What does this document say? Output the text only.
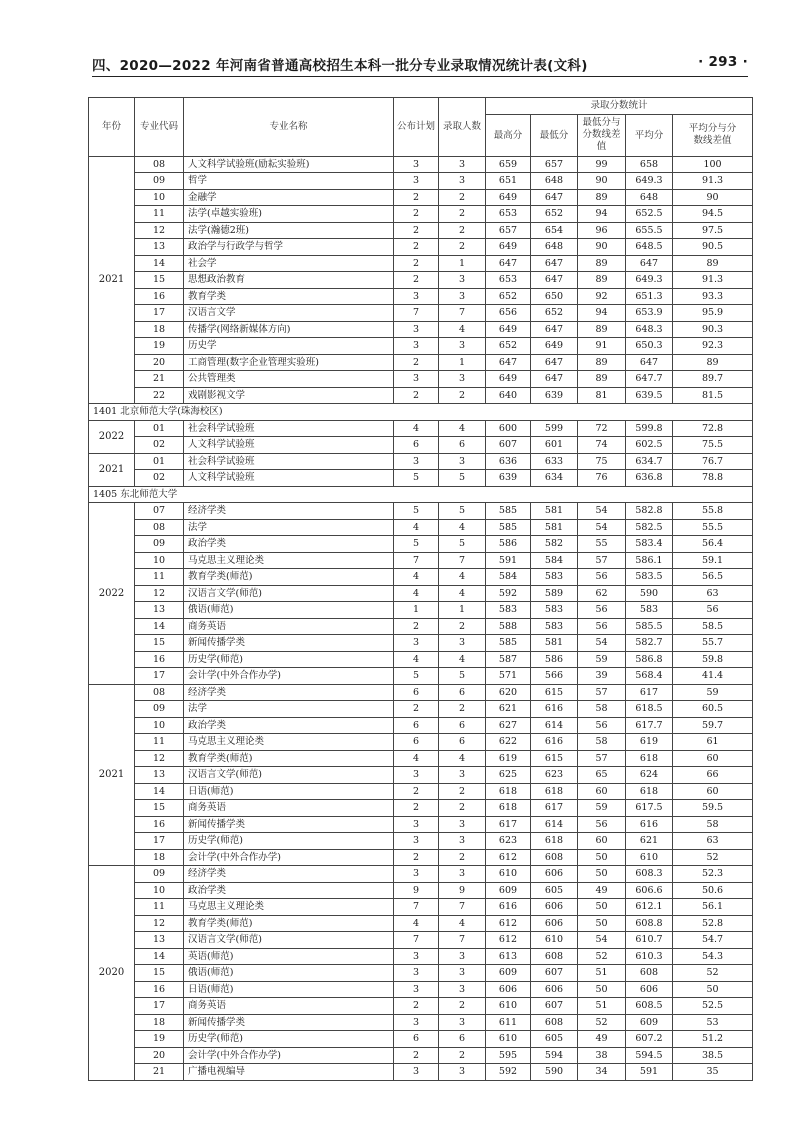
四、2020—2022 年河南省普通高校招生本科一批分专业录取情况统计表(文科)	· 293 ·
年份	专业代码	专业名称	公布计划	录取人数	录取分数统计				
					最高分	最低分	最低分与分数线差值	平均分	平均分与分数线差值
2021	08	人文科学试验班(励耘实验班)	3	3	659	657	99	658	100
	09	哲学	3	3	651	648	90	649.3	91.3
	10	金融学	2	2	649	647	89	648	90
	11	法学(卓越实验班)	2	2	653	652	94	652.5	94.5
	12	法学(瀚德2班)	2	2	657	654	96	655.5	97.5
	13	政治学与行政学与哲学	2	2	649	648	90	648.5	90.5
	14	社会学	2	1	647	647	89	647	89
	15	思想政治教育	2	3	653	647	89	649.3	91.3
	16	教育学类	3	3	652	650	92	651.3	93.3
	17	汉语言文学	7	7	656	652	94	653.9	95.9
	18	传播学(网络新媒体方向)	3	4	649	647	89	648.3	90.3
	19	历史学	3	3	652	649	91	650.3	92.3
	20	工商管理(数字企业管理实验班)	2	1	647	647	89	647	89
	21	公共管理类	3	3	649	647	89	647.7	89.7
	22	戏剧影视文学	2	2	640	639	81	639.5	81.5
1401 北京师范大学(珠海校区)									
2022	01	社会科学试验班	4	4	600	599	72	599.8	72.8
	02	人文科学试验班	6	6	607	601	74	602.5	75.5
2021	01	社会科学试验班	3	3	636	633	75	634.7	76.7
	02	人文科学试验班	5	5	639	634	76	636.8	78.8
1405 东北师范大学									
2022	07	经济学类	5	5	585	581	54	582.8	55.8
	08	法学	4	4	585	581	54	582.5	55.5
	09	政治学类	5	5	586	582	55	583.4	56.4
	10	马克思主义理论类	7	7	591	584	57	586.1	59.1
	11	教育学类(师范)	4	4	584	583	56	583.5	56.5
	12	汉语言文学(师范)	4	4	592	589	62	590	63
	13	俄语(师范)	1	1	583	583	56	583	56
	14	商务英语	2	2	588	583	56	585.5	58.5
	15	新闻传播学类	3	3	585	581	54	582.7	55.7
	16	历史学(师范)	4	4	587	586	59	586.8	59.8
	17	会计学(中外合作办学)	5	5	571	566	39	568.4	41.4
2021	08	经济学类	6	6	620	615	57	617	59
	09	法学	2	2	621	616	58	618.5	60.5
	10	政治学类	6	6	627	614	56	617.7	59.7
	11	马克思主义理论类	6	6	622	616	58	619	61
	12	教育学类(师范)	4	4	619	615	57	618	60
	13	汉语言文学(师范)	3	3	625	623	65	624	66
	14	日语(师范)	2	2	618	618	60	618	60
	15	商务英语	2	2	618	617	59	617.5	59.5
	16	新闻传播学类	3	3	617	614	56	616	58
	17	历史学(师范)	3	3	623	618	60	621	63
	18	会计学(中外合作办学)	2	2	612	608	50	610	52
2020	09	经济学类	3	3	610	606	50	608.3	52.3
	10	政治学类	9	9	609	605	49	606.6	50.6
	11	马克思主义理论类	7	7	616	606	50	612.1	56.1
	12	教育学类(师范)	4	4	612	606	50	608.8	52.8
	13	汉语言文学(师范)	7	7	612	610	54	610.7	54.7
	14	英语(师范)	3	3	613	608	52	610.3	54.3
	15	俄语(师范)	3	3	609	607	51	608	52
	16	日语(师范)	3	3	606	606	50	606	50
	17	商务英语	2	2	610	607	51	608.5	52.5
	18	新闻传播学类	3	3	611	608	52	609	53
	19	历史学(师范)	6	6	610	605	49	607.2	51.2
	20	会计学(中外合作办学)	2	2	595	594	38	594.5	38.5
	21	广播电视编导	3	3	592	590	34	591	35
